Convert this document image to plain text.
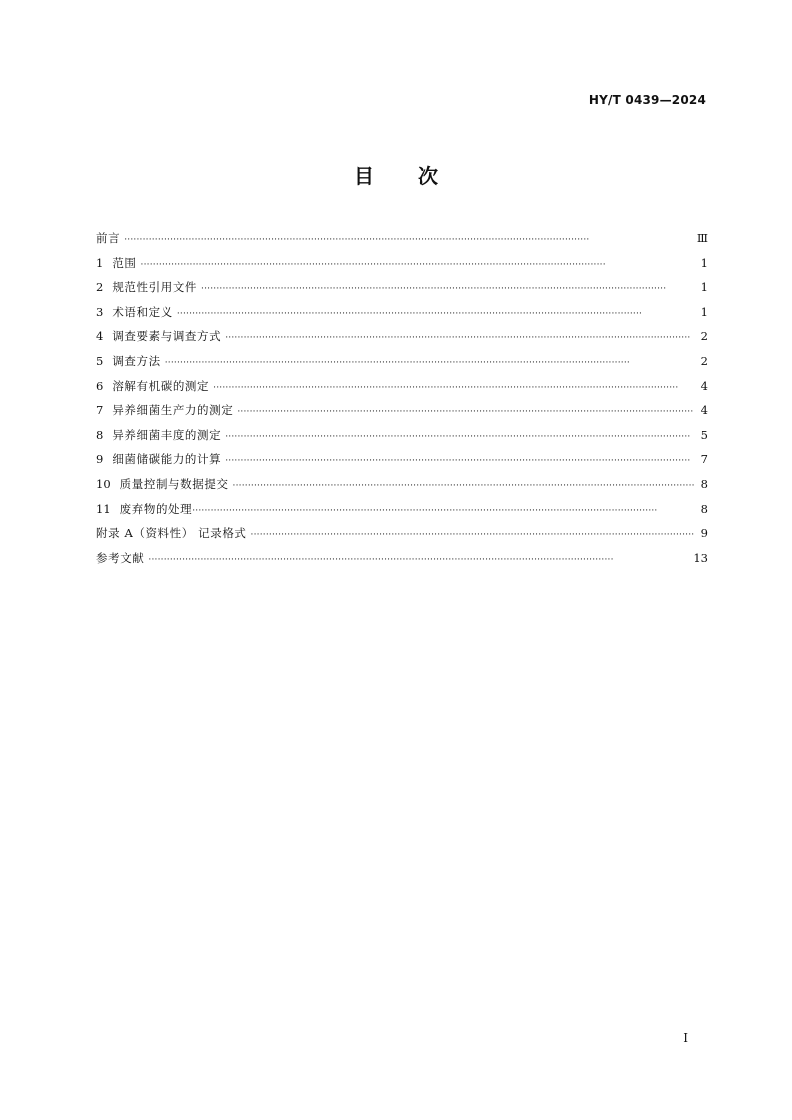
HY/T 0439—2024
目次
前言 ·····	Ⅲ
1 范围 ·····	1
2 规范性引用文件 ·····	1
3 术语和定义 ·····	1
4 调查要素与调查方式 ·····	2
5 调查方法 ·····	2
6 溶解有机碳的测定 ·····	4
7 异养细菌生产力的测定 ·····	4
8 异养细菌丰度的测定 ·····	5
9 细菌储碳能力的计算 ·····	7
10 质量控制与数据提交 ·····	8
11 废弃物的处理 ·····	8
附录 A（资料性） 记录格式 ·····	9
参考文献 ·····	13
I
